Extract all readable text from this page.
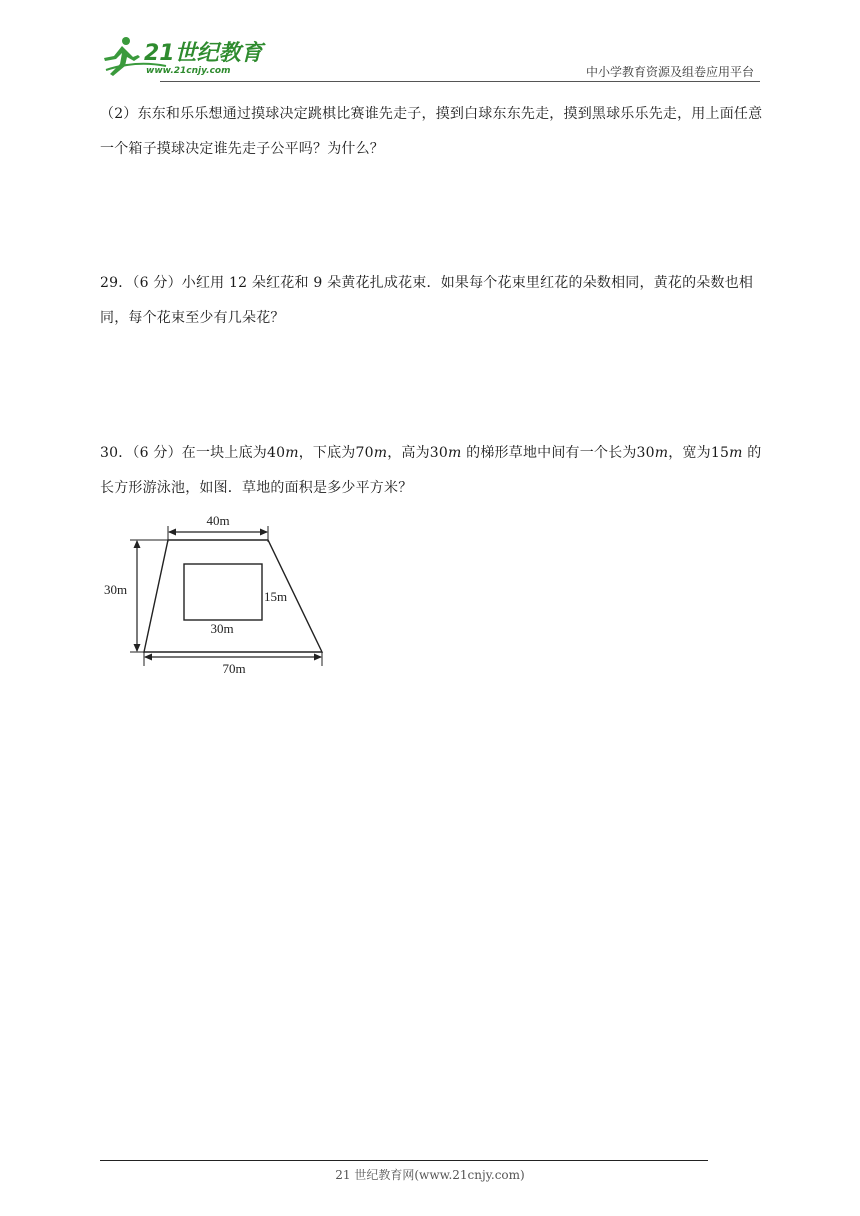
21世纪教育
www.21cnjy.com	中小学教育资源及组卷应用平台

（2）东东和乐乐想通过摸球决定跳棋比赛谁先走子，摸到白球东东先走，摸到黑球乐乐先走，用上面任意一个箱子摸球决定谁先走子公平吗？为什么？

29．（6 分）小红用 12 朵红花和 9 朵黄花扎成花束．如果每个花束里红花的朵数相同，黄花的朵数也相同，每个花束至少有几朵花？

30．（6 分）在一块上底为40m，下底为70m，高为30m 的梯形草地中间有一个长为30m，宽为15m 的长方形游泳池，如图．草地的面积是多少平方米？

40m
30m	15m
30m
70m
21 世纪教育网(www.21cnjy.com)
